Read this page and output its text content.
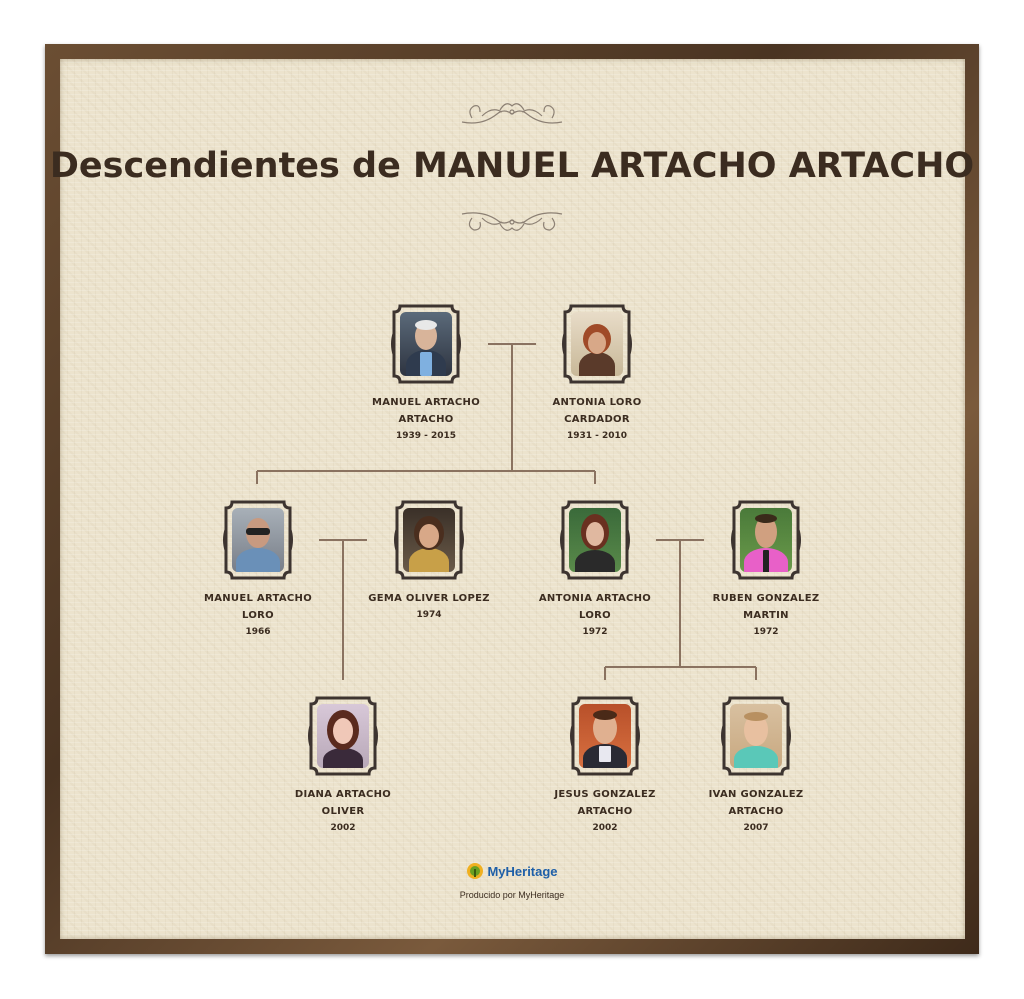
Descendientes de MANUEL ARTACHO ARTACHO
MANUEL ARTACHO
ARTACHO
1939 - 2015
ANTONIA LORO
CARDADOR
1931 - 2010
MANUEL ARTACHO
LORO
1966
GEMA OLIVER LOPEZ
1974
ANTONIA ARTACHO
LORO
1972
RUBEN GONZALEZ
MARTIN
1972
DIANA ARTACHO
OLIVER
2002
JESUS GONZALEZ
ARTACHO
2002
IVAN GONZALEZ
ARTACHO
2007
MyHeritage
Producido por MyHeritage
